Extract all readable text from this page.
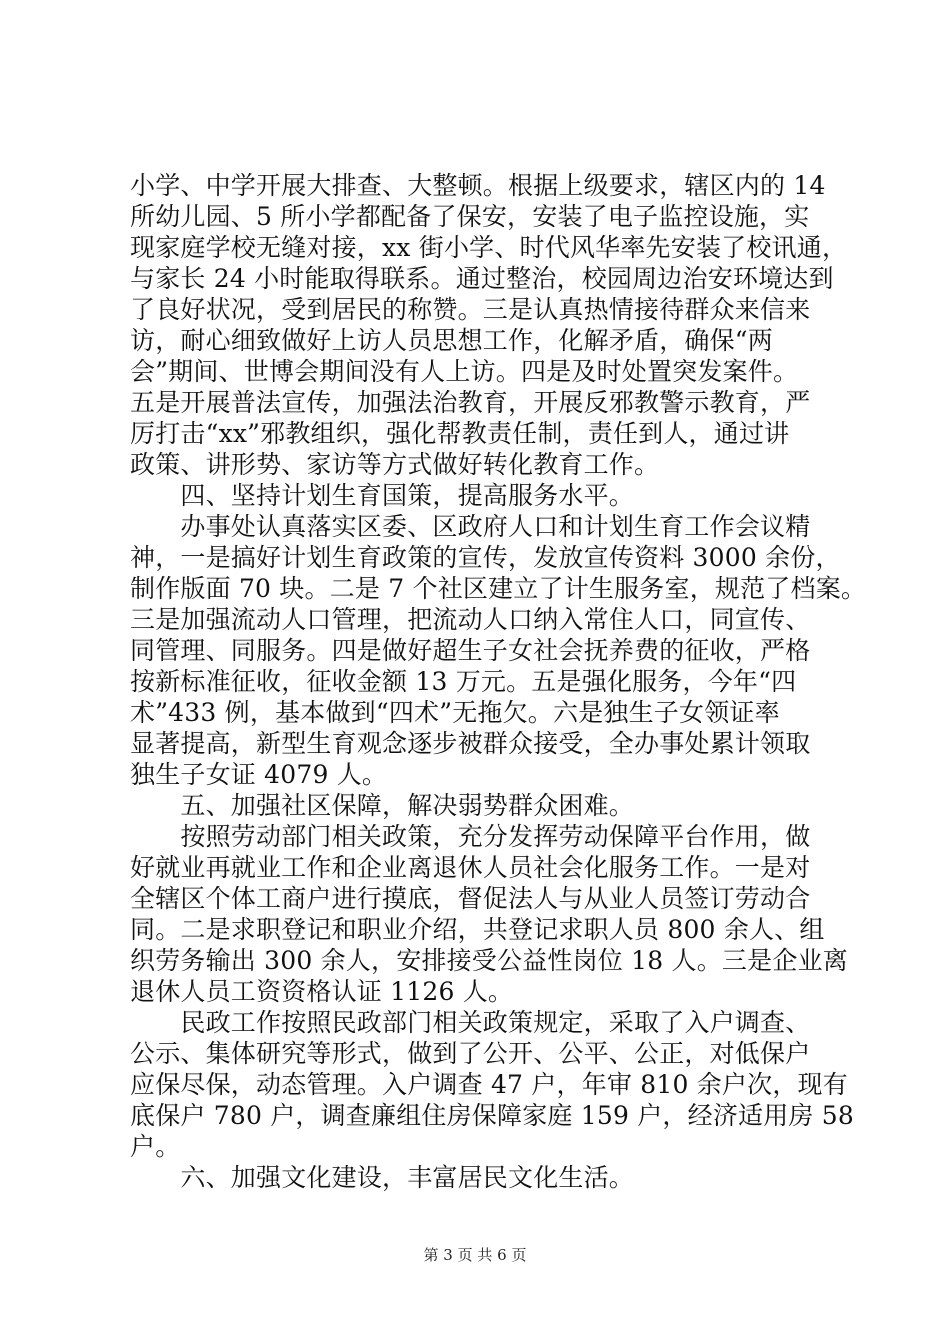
小学、中学开展大排查、大整顿。根据上级要求，辖区内的 14
所幼儿园、5 所小学都配备了保安，安装了电子监控设施，实
现家庭学校无缝对接，xx 街小学、时代风华率先安装了校讯通，
与家长 24 小时能取得联系。通过整治，校园周边治安环境达到
了良好状况，受到居民的称赞。三是认真热情接待群众来信来
访，耐心细致做好上访人员思想工作，化解矛盾，确保“两
会”期间、世博会期间没有人上访。四是及时处置突发案件。
五是开展普法宣传，加强法治教育，开展反邪教警示教育，严
厉打击“xx”邪教组织，强化帮教责任制，责任到人，通过讲
政策、讲形势、家访等方式做好转化教育工作。
　　四、坚持计划生育国策，提高服务水平。
　　办事处认真落实区委、区政府人口和计划生育工作会议精
神，一是搞好计划生育政策的宣传，发放宣传资料 3000 余份，
制作版面 70 块。二是 7 个社区建立了计生服务室，规范了档案。
三是加强流动人口管理，把流动人口纳入常住人口，同宣传、
同管理、同服务。四是做好超生子女社会抚养费的征收，严格
按新标准征收，征收金额 13 万元。五是强化服务，今年“四
术”433 例，基本做到“四术”无拖欠。六是独生子女领证率
显著提高，新型生育观念逐步被群众接受，全办事处累计领取
独生子女证 4079 人。
　　五、加强社区保障，解决弱势群众困难。
　　按照劳动部门相关政策，充分发挥劳动保障平台作用，做
好就业再就业工作和企业离退休人员社会化服务工作。一是对
全辖区个体工商户进行摸底，督促法人与从业人员签订劳动合
同。二是求职登记和职业介绍，共登记求职人员 800 余人、组
织劳务输出 300 余人，安排接受公益性岗位 18 人。三是企业离
退休人员工资资格认证 1126 人。
　　民政工作按照民政部门相关政策规定，采取了入户调查、
公示、集体研究等形式，做到了公开、公平、公正，对低保户
应保尽保，动态管理。入户调查 47 户，年审 810 余户次，现有
底保户 780 户，调查廉组住房保障家庭 159 户，经济适用房 58
户。
　　六、加强文化建设，丰富居民文化生活。
第 3 页 共 6 页
